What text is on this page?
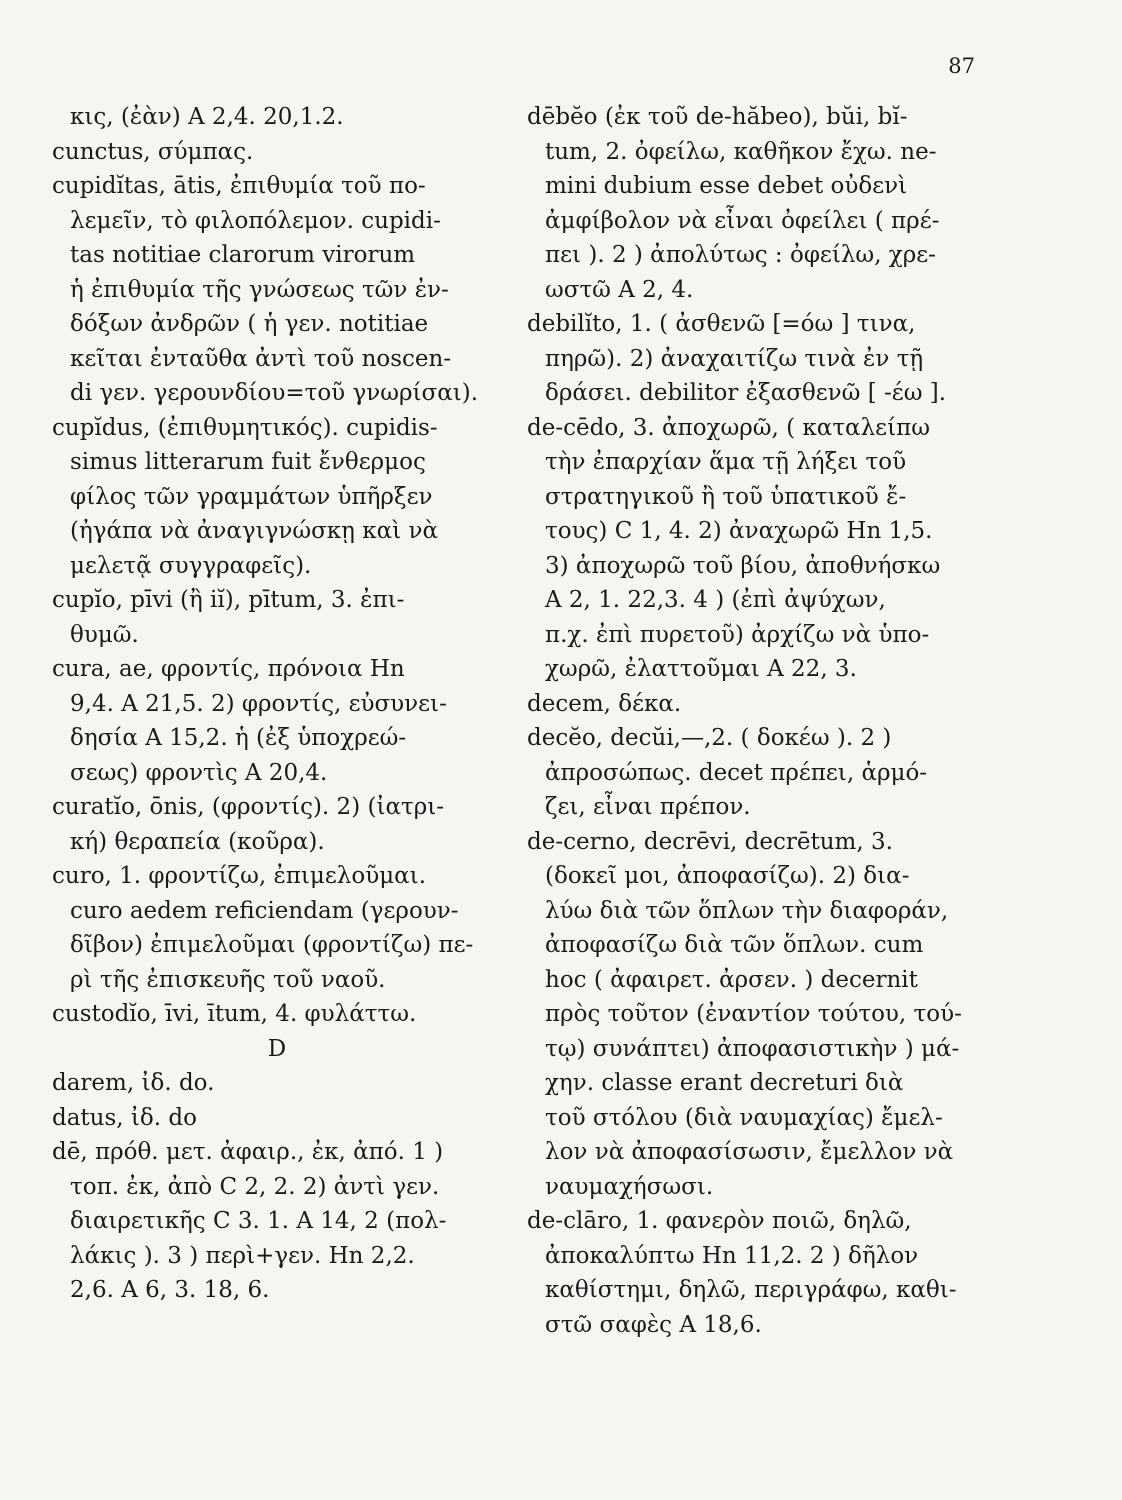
87
κις, (ἐὰν) A 2,4. 20,1.2.
cunctus, σύμπας.
cupidĭtas, ātis, ἐπιθυμία τοῦ πο-
λεμεῖν, τὸ φιλοπόλεμον. cupidi-
tas notitiae clarorum virorum
ἡ ἐπιθυμία τῆς γνώσεως τῶν ἐν-
δόξων ἀνδρῶν ( ἡ γεν. notitiae
κεῖται ἐνταῦθα ἀντὶ τοῦ noscen-
di γεν. γερουνδίου=τοῦ γνωρίσαι).
cupĭdus, (ἐπιθυμητικός). cupidis-
simus litterarum fuit ἔνθερμος
φίλος τῶν γραμμάτων ὑπῆρξεν
(ἠγάπα νὰ ἀναγιγνώσκῃ καὶ νὰ
μελετᾷ συγγραφεῖς).
cupĭo, pīvi (ἢ iĭ), pītum, 3. ἐπι-
θυμῶ.
cura, ae, φροντίς, πρόνοια Hn
9,4. A 21,5. 2) φροντίς, εὐσυνει-
δησία A 15,2. ἡ (ἐξ ὑποχρεώ-
σεως) φροντὶς A 20,4.
curatĭo, ōnis, (φροντίς). 2) (ἰατρι-
κή) θεραπεία (κοῦρα).
curo, 1. φροντίζω, ἐπιμελοῦμαι.
curo aedem reficiendam (γερουν-
δῖβον) ἐπιμελοῦμαι (φροντίζω) πε-
ρὶ τῆς ἐπισκευῆς τοῦ ναοῦ.
custodĭo, īvi, ītum, 4. φυλάττω.
D
darem, ἰδ. do.
datus, ἰδ. do
dē, πρόθ. μετ. ἀφαιρ., ἐκ, ἀπό. 1 )
τοπ. ἐκ, ἀπὸ C 2, 2. 2) ἀντὶ γεν.
διαιρετικῆς C 3. 1. A 14, 2 (πολ-
λάκις ). 3 ) περὶ+γεν. Hn 2,2.
2,6. A 6, 3. 18, 6.
dēbĕo (ἐκ τοῦ de-hăbeo), bŭi, bĭ-
tum, 2. ὀφείλω, καθῆκον ἔχω. ne-
mini dubium esse debet οὐδενὶ
ἀμφίβολον νὰ εἶναι ὀφείλει ( πρέ-
πει ). 2 ) ἀπολύτως : ὀφείλω, χρε-
ωστῶ A 2, 4.
debilĭto, 1. ( ἀσθενῶ [=όω ] τινα,
πηρῶ). 2) ἀναχαιτίζω τινὰ ἐν τῇ
δράσει. debilitor ἐξασθενῶ [ -έω ].
de-cēdo, 3. ἀποχωρῶ, ( καταλείπω
τὴν ἐπαρχίαν ἅμα τῇ λήξει τοῦ
στρατηγικοῦ ἢ τοῦ ὑπατικοῦ ἔ-
τους) C 1, 4. 2) ἀναχωρῶ Hn 1,5.
3) ἀποχωρῶ τοῦ βίου, ἀποθνήσκω
A 2, 1. 22,3. 4 ) (ἐπὶ ἀψύχων,
π.χ. ἐπὶ πυρετοῦ) ἀρχίζω νὰ ὑπο-
χωρῶ, ἐλαττοῦμαι A 22, 3.
decem, δέκα.
decĕo, decŭi,—,2. ( δοκέω ). 2 )
ἀπροσώπως. decet πρέπει, ἁρμό-
ζει, εἶναι πρέπον.
de-cerno, decrēvi, decrētum, 3.
(δοκεῖ μοι, ἀποφασίζω). 2) δια-
λύω διὰ τῶν ὅπλων τὴν διαφοράν,
ἀποφασίζω διὰ τῶν ὅπλων. cum
hoc ( ἀφαιρετ. ἀρσεν. ) decernit
πρὸς τοῦτον (ἐναντίον τούτου, τού-
τῳ) συνάπτει) ἀποφασιστικὴν ) μά-
χην. classe erant decreturi διὰ
τοῦ στόλου (διὰ ναυμαχίας) ἔμελ-
λον νὰ ἀποφασίσωσιν, ἔμελλον νὰ
ναυμαχήσωσι.
de-clāro, 1. φανερὸν ποιῶ, δηλῶ,
ἀποκαλύπτω Hn 11,2. 2 ) δῆλον
καθίστημι, δηλῶ, περιγράφω, καθι-
στῶ σαφὲς A 18,6.
